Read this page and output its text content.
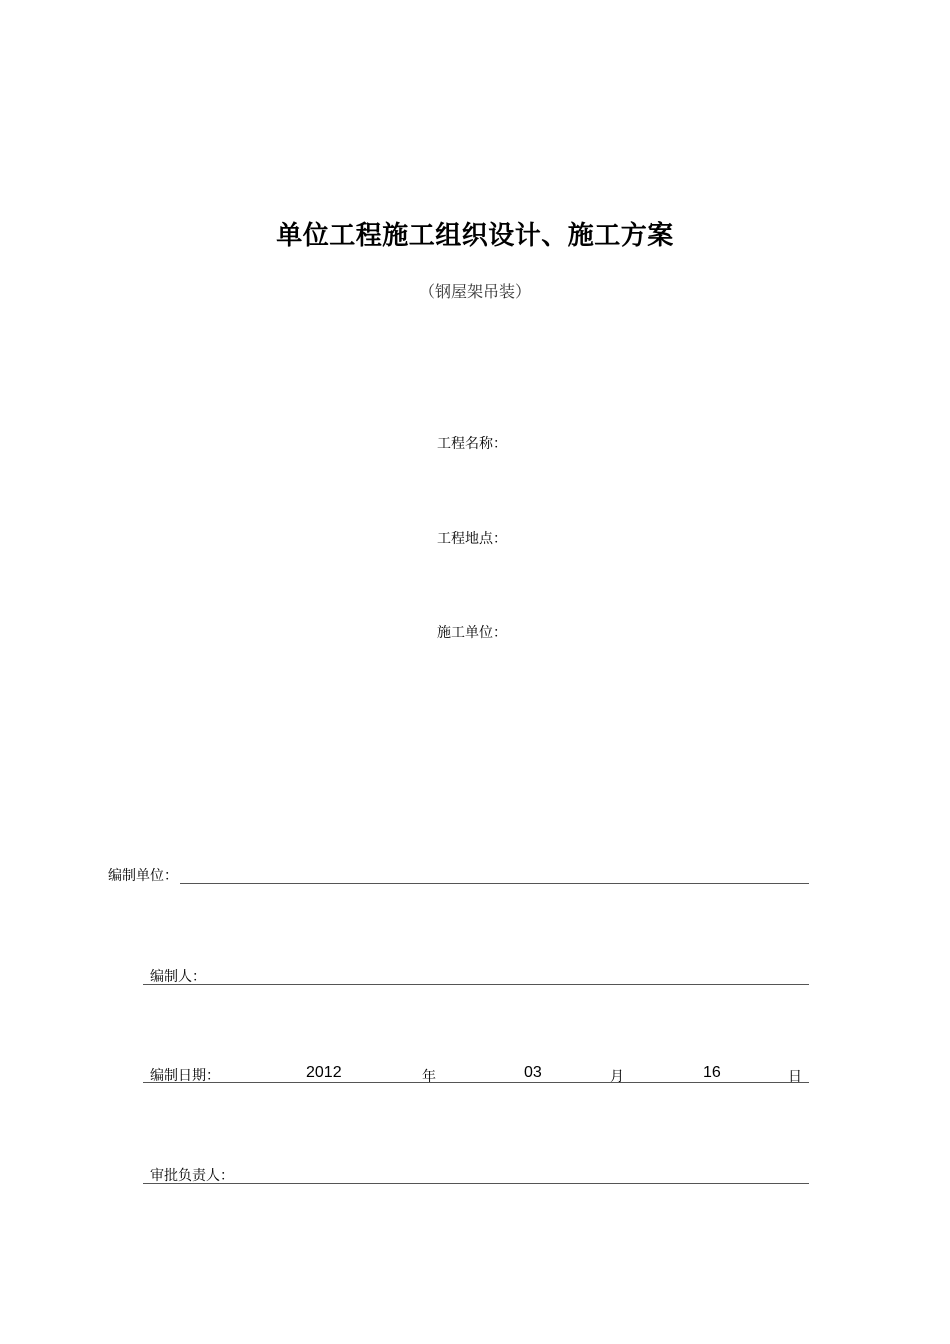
单位工程施工组织设计、施工方案
（钢屋架吊装）
工程名称：
工程地点：
施工单位：
编制单位：
编制人：
编制日期：	2012	年	03	月	16	日
审批负责人：
